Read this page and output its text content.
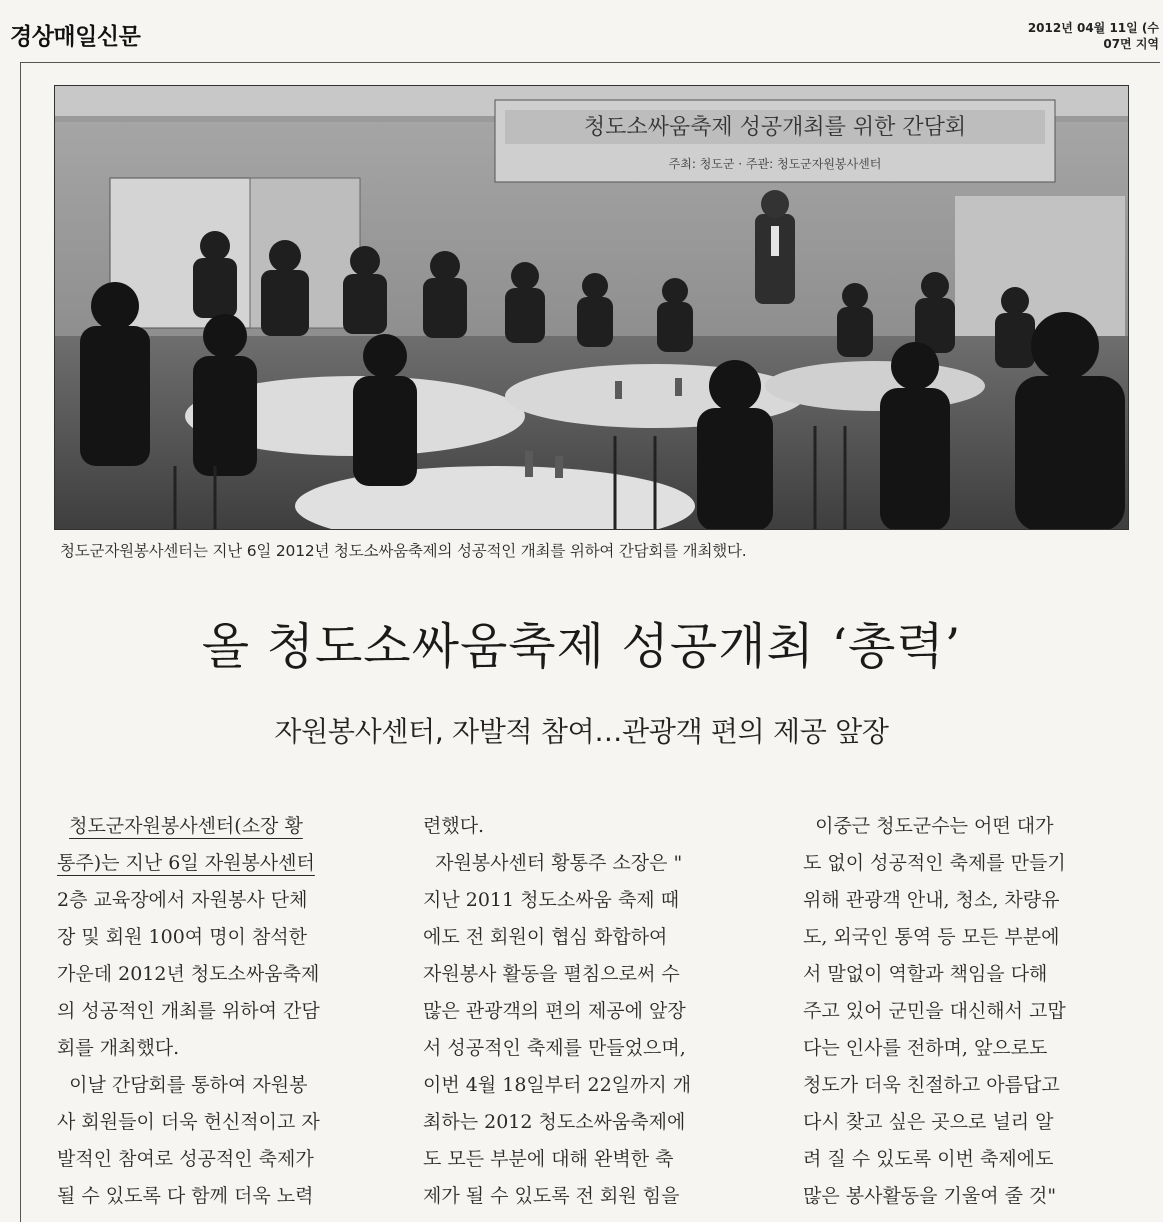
경상매일신문	2012년 04월 11일 (수
07면 지역
청도소싸움축제 성공개최를 위한 간담회
주최: 청도군 · 주관: 청도군자원봉사센터
청도군자원봉사센터는 지난 6일 2012년 청도소싸움축제의 성공적인 개최를 위하여 간담회를 개최했다.
올 청도소싸움축제 성공개최 ‘총력’
자원봉사센터, 자발적 참여…관광객 편의 제공 앞장

청도군자원봉사센터(소장 황

통주)는 지난 6일 자원봉사센터

2층 교육장에서 자원봉사 단체

장 및 회원 100여 명이 참석한

가운데 2012년 청도소싸움축제

의 성공적인 개최를 위하여 간담

회를 개최했다.

이날 간담회를 통하여 자원봉

사 회원들이 더욱 헌신적이고 자

발적인 참여로 성공적인 축제가

될 수 있도록 다 함께 더욱 노력

련했다.

자원봉사센터 황통주 소장은 "

지난 2011 청도소싸움 축제 때

에도 전 회원이 협심 화합하여

자원봉사 활동을 펼침으로써 수

많은 관광객의 편의 제공에 앞장

서 성공적인 축제를 만들었으며,

이번 4월 18일부터 22일까지 개

최하는 2012 청도소싸움축제에

도 모든 부분에 대해 완벽한 축

제가 될 수 있도록 전 회원 힘을

이중근 청도군수는 어떤 대가

도 없이 성공적인 축제를 만들기

위해 관광객 안내, 청소, 차량유

도, 외국인 통역 등 모든 부분에

서 말없이 역할과 책임을 다해

주고 있어 군민을 대신해서 고맙

다는 인사를 전하며, 앞으로도

청도가 더욱 친절하고 아름답고

다시 찾고 싶은 곳으로 널리 알

려 질 수 있도록 이번 축제에도

많은 봉사활동을 기울여 줄 것"
